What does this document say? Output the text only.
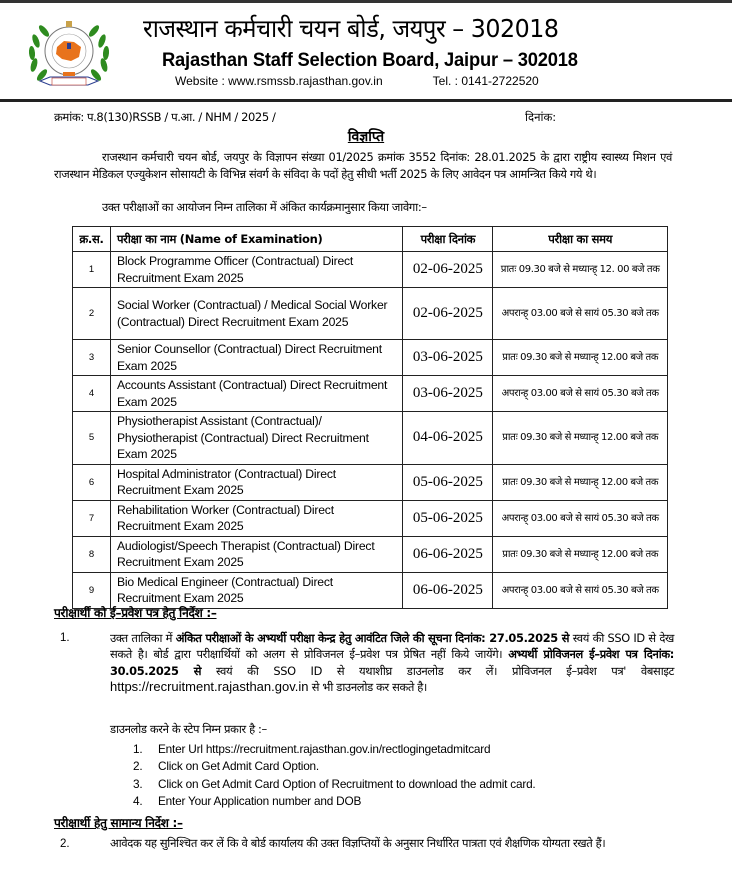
राजस्थान कर्मचारी चयन बोर्ड, जयपुर – 302018
Rajasthan Staff Selection Board, Jaipur – 302018
Website : www.rsmssb.rajasthan.gov.in	Tel. : 0141-2722520
क्रमांक: प.8(130)RSSB / प.आ. / NHM / 2025 /	दिनांक:
विज्ञप्ति
राजस्थान कर्मचारी चयन बोर्ड, जयपुर के विज्ञापन संख्या 01/2025 क्रमांक 3552 दिनांक: 28.01.2025 के द्वारा राष्ट्रीय स्वास्थ्य मिशन एवं राजस्थान मेडिकल एज्युकेशन सोसायटी के विभिन्न संवर्ग के संविदा के पदों हेतु सीधी भर्ती 2025 के लिए आवेदन पत्र आमन्त्रित किये गये थे।
उक्त परीक्षाओं का आयोजन निम्न तालिका में अंकित कार्यक्रमानुसार किया जावेगा:–
क्र.स.	परीक्षा का नाम (Name of Examination)	परीक्षा दिनांक	परीक्षा का समय
1	Block Programme Officer (Contractual) Direct Recruitment Exam 2025	02-06-2025	प्रातः 09.30 बजे से मध्यान्ह् 12. 00 बजे तक
2	Social Worker (Contractual) / Medical Social Worker (Contractual) Direct Recruitment Exam 2025	02-06-2025	अपरान्ह् 03.00 बजे से सायं 05.30 बजे तक
3	Senior Counsellor (Contractual) Direct Recruitment Exam 2025	03-06-2025	प्रातः 09.30 बजे से मध्यान्ह् 12.00 बजे तक
4	Accounts Assistant (Contractual) Direct Recruitment Exam 2025	03-06-2025	अपरान्ह् 03.00 बजे से सायं 05.30 बजे तक
5	Physiotherapist Assistant (Contractual)/ Physiotherapist (Contractual) Direct Recruitment Exam 2025	04-06-2025	प्रातः 09.30 बजे से मध्यान्ह् 12.00 बजे तक
6	Hospital Administrator (Contractual) Direct Recruitment Exam 2025	05-06-2025	प्रातः 09.30 बजे से मध्यान्ह् 12.00 बजे तक
7	Rehabilitation Worker (Contractual) Direct Recruitment Exam 2025	05-06-2025	अपरान्ह् 03.00 बजे से सायं 05.30 बजे तक
8	Audiologist/Speech Therapist (Contractual) Direct Recruitment Exam 2025	06-06-2025	प्रातः 09.30 बजे से मध्यान्ह् 12.00 बजे तक
9	Bio Medical Engineer (Contractual) Direct Recruitment Exam 2025	06-06-2025	अपरान्ह् 03.00 बजे से सायं 05.30 बजे तक
परीक्षार्थी को ई–प्रवेश पत्र हेतु निर्देश :–
1.	उक्त तालिका में अंकित परीक्षाओं के अभ्यर्थी परीक्षा केन्द्र हेतु आवंटित जिले की सूचना दिनांक: 27.05.2025 से स्वयं की SSO ID से देख सकते है। बोर्ड द्वारा परीक्षार्थियों को अलग से प्रोविजनल ई–प्रवेश पत्र प्रेषित नहीं किये जायेंगे। अभ्यर्थी प्रोविजनल ई–प्रवेश पत्र दिनांक: 30.05.2025 से स्वयं की SSO ID से यथाशीघ्र डाउनलोड कर लें। प्रोविजनल ई–प्रवेश पत्र' वेबसाइट https://recruitment.rajasthan.gov.in से भी डाउनलोड कर सकते है।
डाउनलोड करने के स्टेप निम्न प्रकार है :–
1. Enter Url https://recruitment.rajasthan.gov.in/rectlogingetadmitcard
2. Click on Get Admit Card Option.
3. Click on Get Admit Card Option of Recruitment to download the admit card.
4. Enter Your Application number and DOB
परीक्षार्थी हेतु सामान्य निर्देश :–
2.	आवेदक यह सुनिश्चित कर लें कि वे बोर्ड कार्यालय की उक्त विज्ञप्तियों के अनुसार निर्धारित पात्रता एवं शैक्षणिक योग्यता रखते हैं।
